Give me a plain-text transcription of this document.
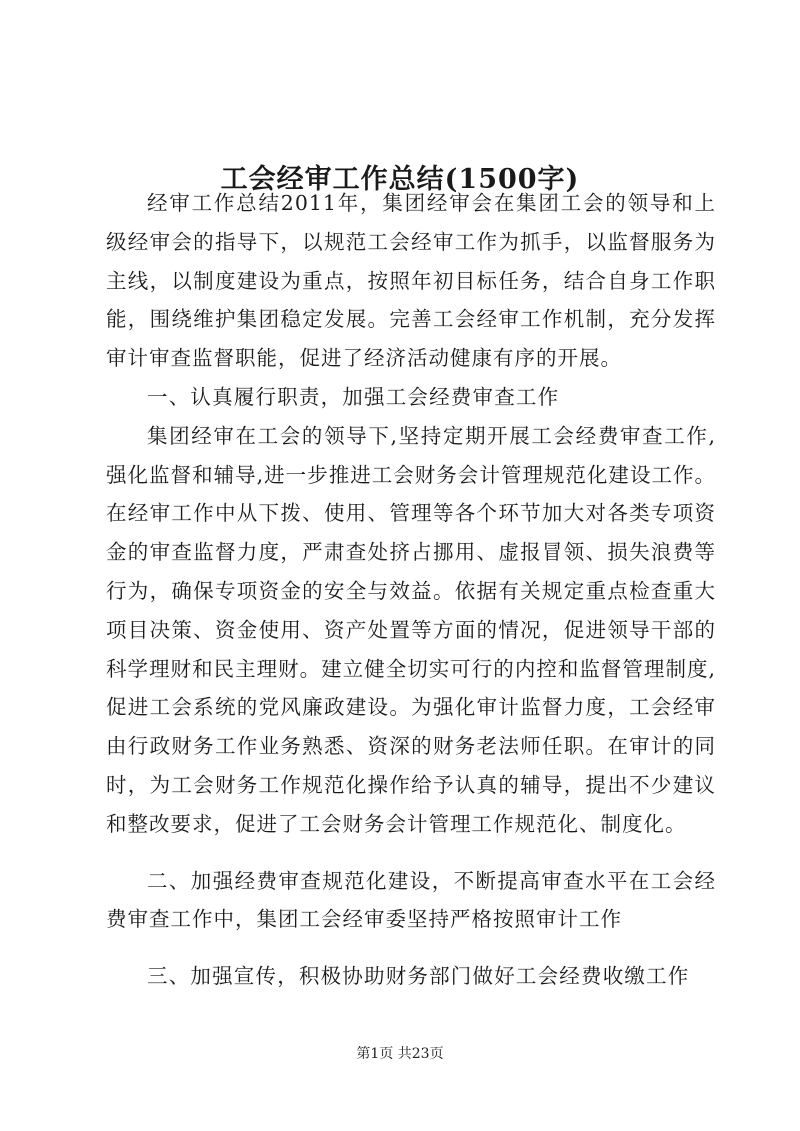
工会经审工作总结(1500字)

经审工作总结2011年，集团经审会在集团工会的领导和上级经审会的指导下，以规范工会经审工作为抓手，以监督服务为主线，以制度建设为重点，按照年初目标任务，结合自身工作职能，围绕维护集团稳定发展。完善工会经审工作机制，充分发挥审计审查监督职能，促进了经济活动健康有序的开展。

一、认真履行职责，加强工会经费审查工作

集团经审在工会的领导下,坚持定期开展工会经费审查工作,强化监督和辅导,进一步推进工会财务会计管理规范化建设工作。在经审工作中从下拨、使用、管理等各个环节加大对各类专项资金的审查监督力度，严肃查处挤占挪用、虚报冒领、损失浪费等行为，确保专项资金的安全与效益。依据有关规定重点检查重大项目决策、资金使用、资产处置等方面的情况，促进领导干部的科学理财和民主理财。建立健全切实可行的内控和监督管理制度,促进工会系统的党风廉政建设。为强化审计监督力度，工会经审由行政财务工作业务熟悉、资深的财务老法师任职。在审计的同时，为工会财务工作规范化操作给予认真的辅导，提出不少建议和整改要求，促进了工会财务会计管理工作规范化、制度化。

二、加强经费审查规范化建设，不断提高审查水平在工会经费审查工作中，集团工会经审委坚持严格按照审计工作

三、加强宣传，积极协助财务部门做好工会经费收缴工作

第1页 共23页
